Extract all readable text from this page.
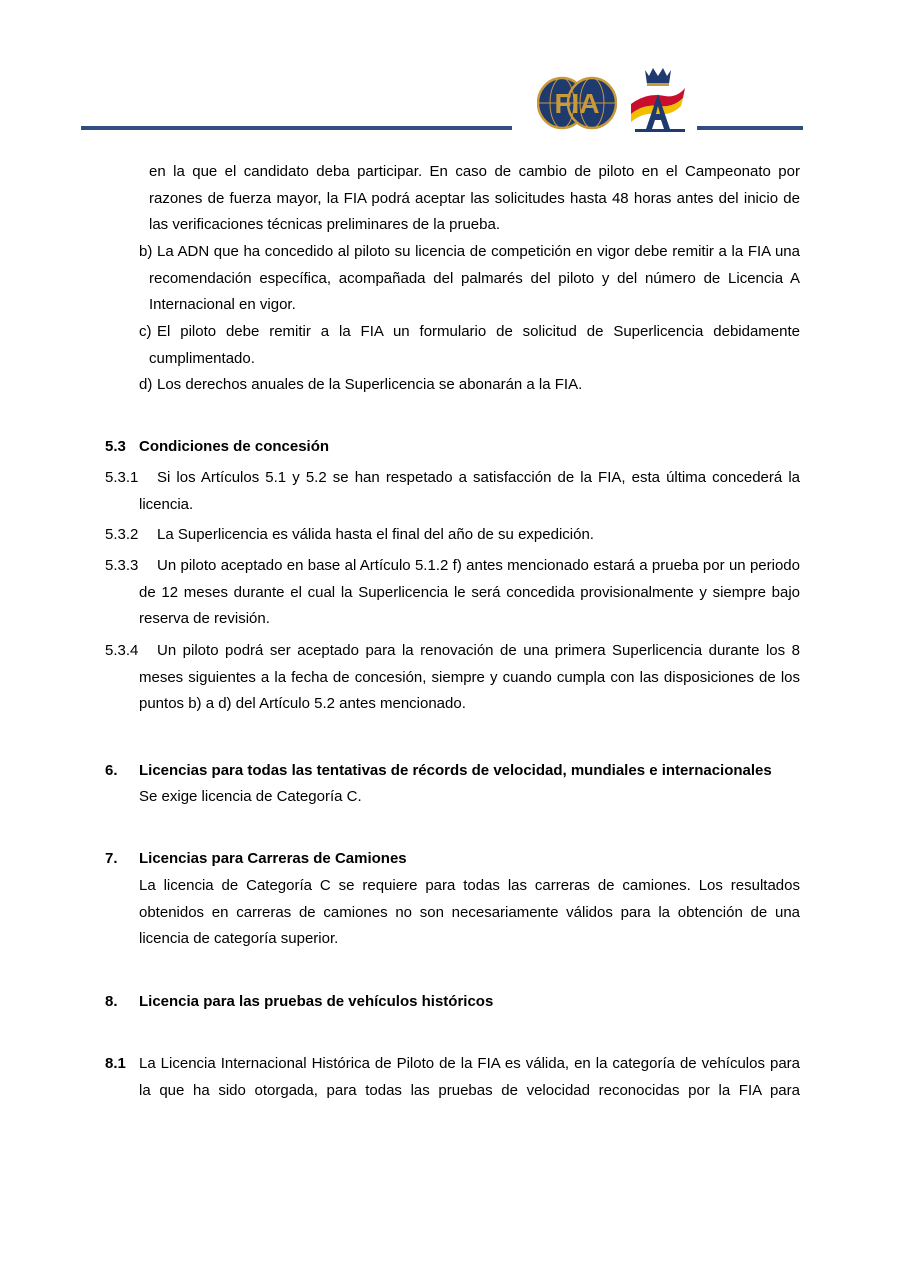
FIA
en la que el candidato deba participar. En caso de cambio de piloto en el Campeonato por razones de fuerza mayor, la FIA podrá aceptar las solicitudes hasta 48 horas antes del inicio de las verificaciones técnicas preliminares de la prueba.
b) La ADN que ha concedido al piloto su licencia de competición en vigor debe remitir a la FIA una recomendación específica, acompañada del palmarés del piloto y del número de Licencia A Internacional en vigor.
c) El piloto debe remitir a la FIA un formulario de solicitud de Superlicencia debidamente cumplimentado.
d) Los derechos anuales de la Superlicencia se abonarán a la FIA.
5.3 Condiciones de concesión
5.3.1	Si los Artículos 5.1 y 5.2 se han respetado a satisfacción de la FIA, esta última concederá la licencia.
5.3.2	La Superlicencia es válida hasta el final del año de su expedición.
5.3.3	Un piloto aceptado en base al Artículo 5.1.2 f) antes mencionado estará a prueba por un periodo de 12 meses durante el cual la Superlicencia le será concedida provisionalmente y siempre bajo reserva de revisión.
5.3.4	Un piloto podrá ser aceptado para la renovación de una primera Superlicencia durante los 8 meses siguientes a la fecha de concesión, siempre y cuando cumpla con las disposiciones de los puntos b) a d) del Artículo 5.2 antes mencionado.
6. Licencias para todas las tentativas de récords de velocidad, mundiales e internacionales
Se exige licencia de Categoría C.
7. Licencias para Carreras de Camiones
La licencia de Categoría C se requiere para todas las carreras de camiones. Los resultados obtenidos en carreras de camiones no son necesariamente válidos para la obtención de una licencia de categoría superior.
8. Licencia para las pruebas de vehículos históricos
8.1 La Licencia Internacional Histórica de Piloto de la FIA es válida, en la categoría de vehículos para la que ha sido otorgada, para todas las pruebas de velocidad reconocidas por la FIA para
